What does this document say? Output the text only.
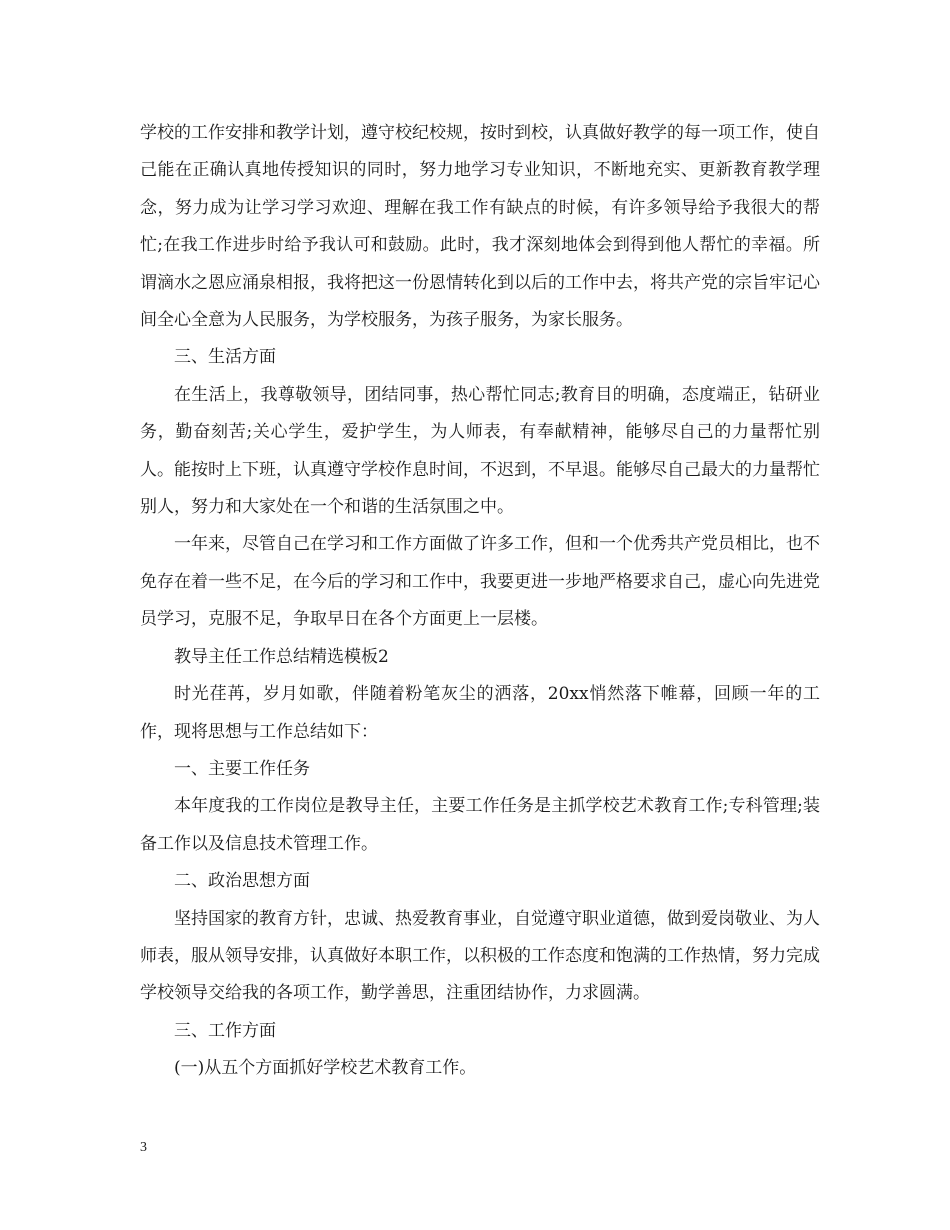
学校的工作安排和教学计划，遵守校纪校规，按时到校，认真做好教学的每一项工作，使自己能在正确认真地传授知识的同时，努力地学习专业知识，不断地充实、更新教育教学理念，努力成为让学习学习欢迎、理解在我工作有缺点的时候，有许多领导给予我很大的帮忙;在我工作进步时给予我认可和鼓励。此时，我才深刻地体会到得到他人帮忙的幸福。所谓滴水之恩应涌泉相报，我将把这一份恩情转化到以后的工作中去，将共产党的宗旨牢记心间全心全意为人民服务，为学校服务，为孩子服务，为家长服务。

三、生活方面

在生活上，我尊敬领导，团结同事，热心帮忙同志;教育目的明确，态度端正，钻研业务，勤奋刻苦;关心学生，爱护学生，为人师表，有奉献精神，能够尽自己的力量帮忙别人。能按时上下班，认真遵守学校作息时间，不迟到，不早退。能够尽自己最大的力量帮忙别人，努力和大家处在一个和谐的生活氛围之中。

一年来，尽管自己在学习和工作方面做了许多工作，但和一个优秀共产党员相比，也不免存在着一些不足，在今后的学习和工作中，我要更进一步地严格要求自己，虚心向先进党员学习，克服不足，争取早日在各个方面更上一层楼。

教导主任工作总结精选模板2

时光荏苒，岁月如歌，伴随着粉笔灰尘的洒落，20xx悄然落下帷幕，回顾一年的工作，现将思想与工作总结如下：

一、主要工作任务

本年度我的工作岗位是教导主任，主要工作任务是主抓学校艺术教育工作;专科管理;装备工作以及信息技术管理工作。

二、政治思想方面

坚持国家的教育方针，忠诚、热爱教育事业，自觉遵守职业道德，做到爱岗敬业、为人师表，服从领导安排，认真做好本职工作，以积极的工作态度和饱满的工作热情，努力完成学校领导交给我的各项工作，勤学善思，注重团结协作，力求圆满。

三、工作方面

(一)从五个方面抓好学校艺术教育工作。

3
